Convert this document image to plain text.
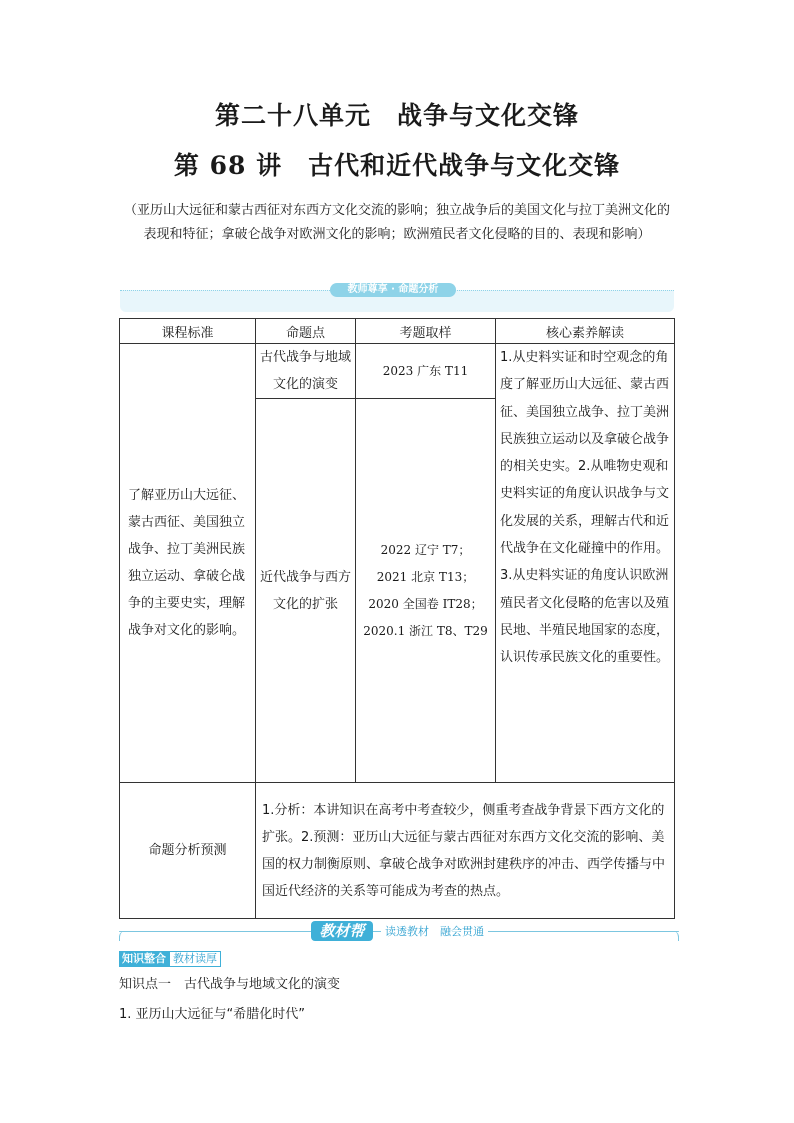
第二十八单元　战争与文化交锋
第 68 讲　古代和近代战争与文化交锋
（亚历山大远征和蒙古西征对东西方文化交流的影响；独立战争后的美国文化与拉丁美洲文化的表现和特征；拿破仑战争对欧洲文化的影响；欧洲殖民者文化侵略的目的、表现和影响）
教师尊享 · 命题分析
课程标准	命题点	考题取样	核心素养解读
了解亚历山大远征、蒙古西征、美国独立战争、拉丁美洲民族独立运动、拿破仑战争的主要史实，理解战争对文化的影响。	古代战争与地域文化的演变	2023 广东 T11	1.从史料实证和时空观念的角度了解亚历山大远征、蒙古西征、美国独立战争、拉丁美洲民族独立运动以及拿破仑战争的相关史实。2.从唯物史观和史料实证的角度认识战争与文化发展的关系，理解古代和近代战争在文化碰撞中的作用。3.从史料实证的角度认识欧洲殖民者文化侵略的危害以及殖民地、半殖民地国家的态度，认识传承民族文化的重要性。
	近代战争与西方文化的扩张	2022 辽宁 T7；
2021 北京 T13；
2020 全国卷 IT28；
2020.1 浙江 T8、T29	

命题分析预测	1.分析：本讲知识在高考中考查较少，侧重考查战争背景下西方文化的扩张。2.预测：亚历山大远征与蒙古西征对东西方文化交流的影响、美国的权力制衡原则、拿破仑战争对欧洲封建秩序的冲击、西学传播与中国近代经济的关系等可能成为考查的热点。		
教材帮	读透教材　融会贯通
知识整合 教材读厚
知识点一　古代战争与地域文化的演变
1. 亚历山大远征与“希腊化时代”
